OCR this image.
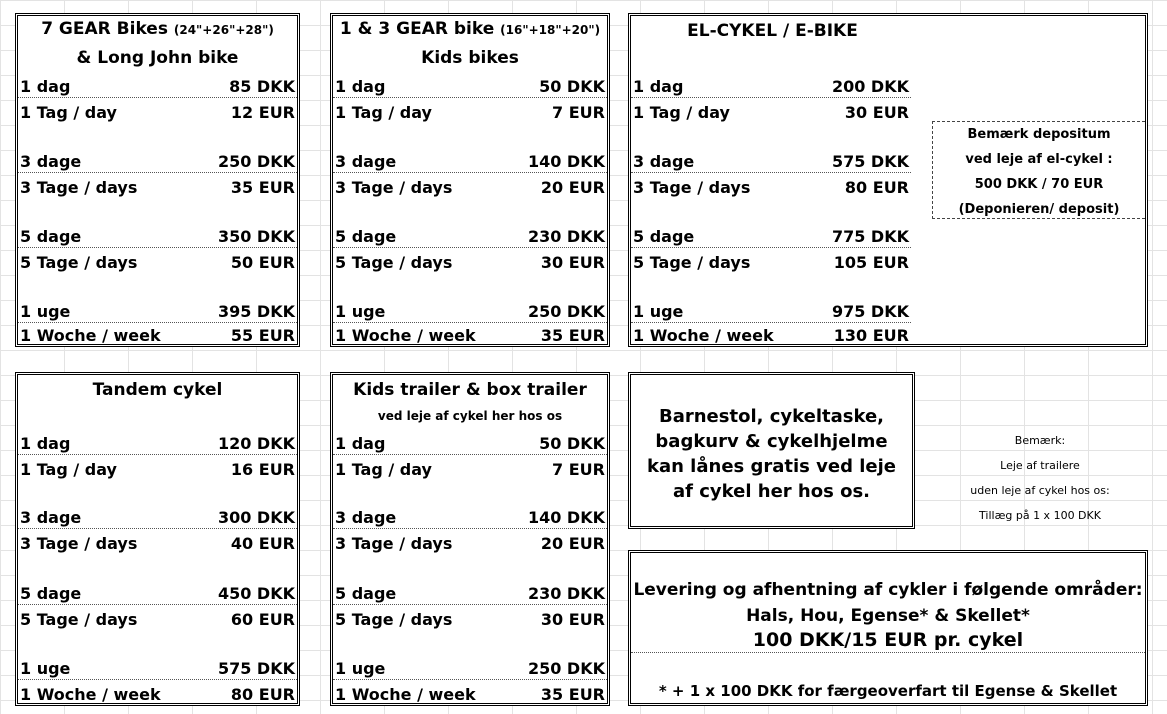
7 GEAR Bikes (24"+26"+28")
& Long John bike
1 dag	85 DKK
1 Tag / day	12 EUR
3 dage	250 DKK
3 Tage / days	35 EUR
5 dage	350 DKK
5 Tage / days	50 EUR
1 uge	395 DKK
1 Woche / week	55 EUR
1 & 3 GEAR bike (16"+18"+20")
Kids bikes
1 dag	50 DKK
1 Tag / day	7 EUR
3 dage	140 DKK
3 Tage / days	20 EUR
5 dage	230 DKK
5 Tage / days	30 EUR
1 uge	250 DKK
1 Woche / week	35 EUR
EL-CYKEL / E-BIKE
1 dag	200 DKK
1 Tag / day	30 EUR
3 dage	575 DKK
3 Tage / days	80 EUR
5 dage	775 DKK
5 Tage / days	105 EUR
1 uge	975 DKK
1 Woche / week	130 EUR
Bemærk depositum
ved leje af el-cykel :
500 DKK / 70 EUR
(Deponieren/ deposit)
Tandem cykel
1 dag	120 DKK
1 Tag / day	16 EUR
3 dage	300 DKK
3 Tage / days	40 EUR
5 dage	450 DKK
5 Tage / days	60 EUR
1 uge	575 DKK
1 Woche / week	80 EUR
Kids trailer & box trailer
ved leje af cykel her hos os
1 dag	50 DKK
1 Tag / day	7 EUR
3 dage	140 DKK
3 Tage / days	20 EUR
5 dage	230 DKK
5 Tage / days	30 EUR
1 uge	250 DKK
1 Woche / week	35 EUR
Barnestol, cykeltaske,
bagkurv & cykelhjelme
kan lånes gratis ved leje
af cykel her hos os.
Bemærk:
Leje af trailere
uden leje af cykel hos os:
Tillæg på 1 x 100 DKK
Levering og afhentning af cykler i følgende områder:
Hals, Hou, Egense* & Skellet*
100 DKK/15 EUR pr. cykel
* + 1 x 100 DKK for færgeoverfart til Egense & Skellet
